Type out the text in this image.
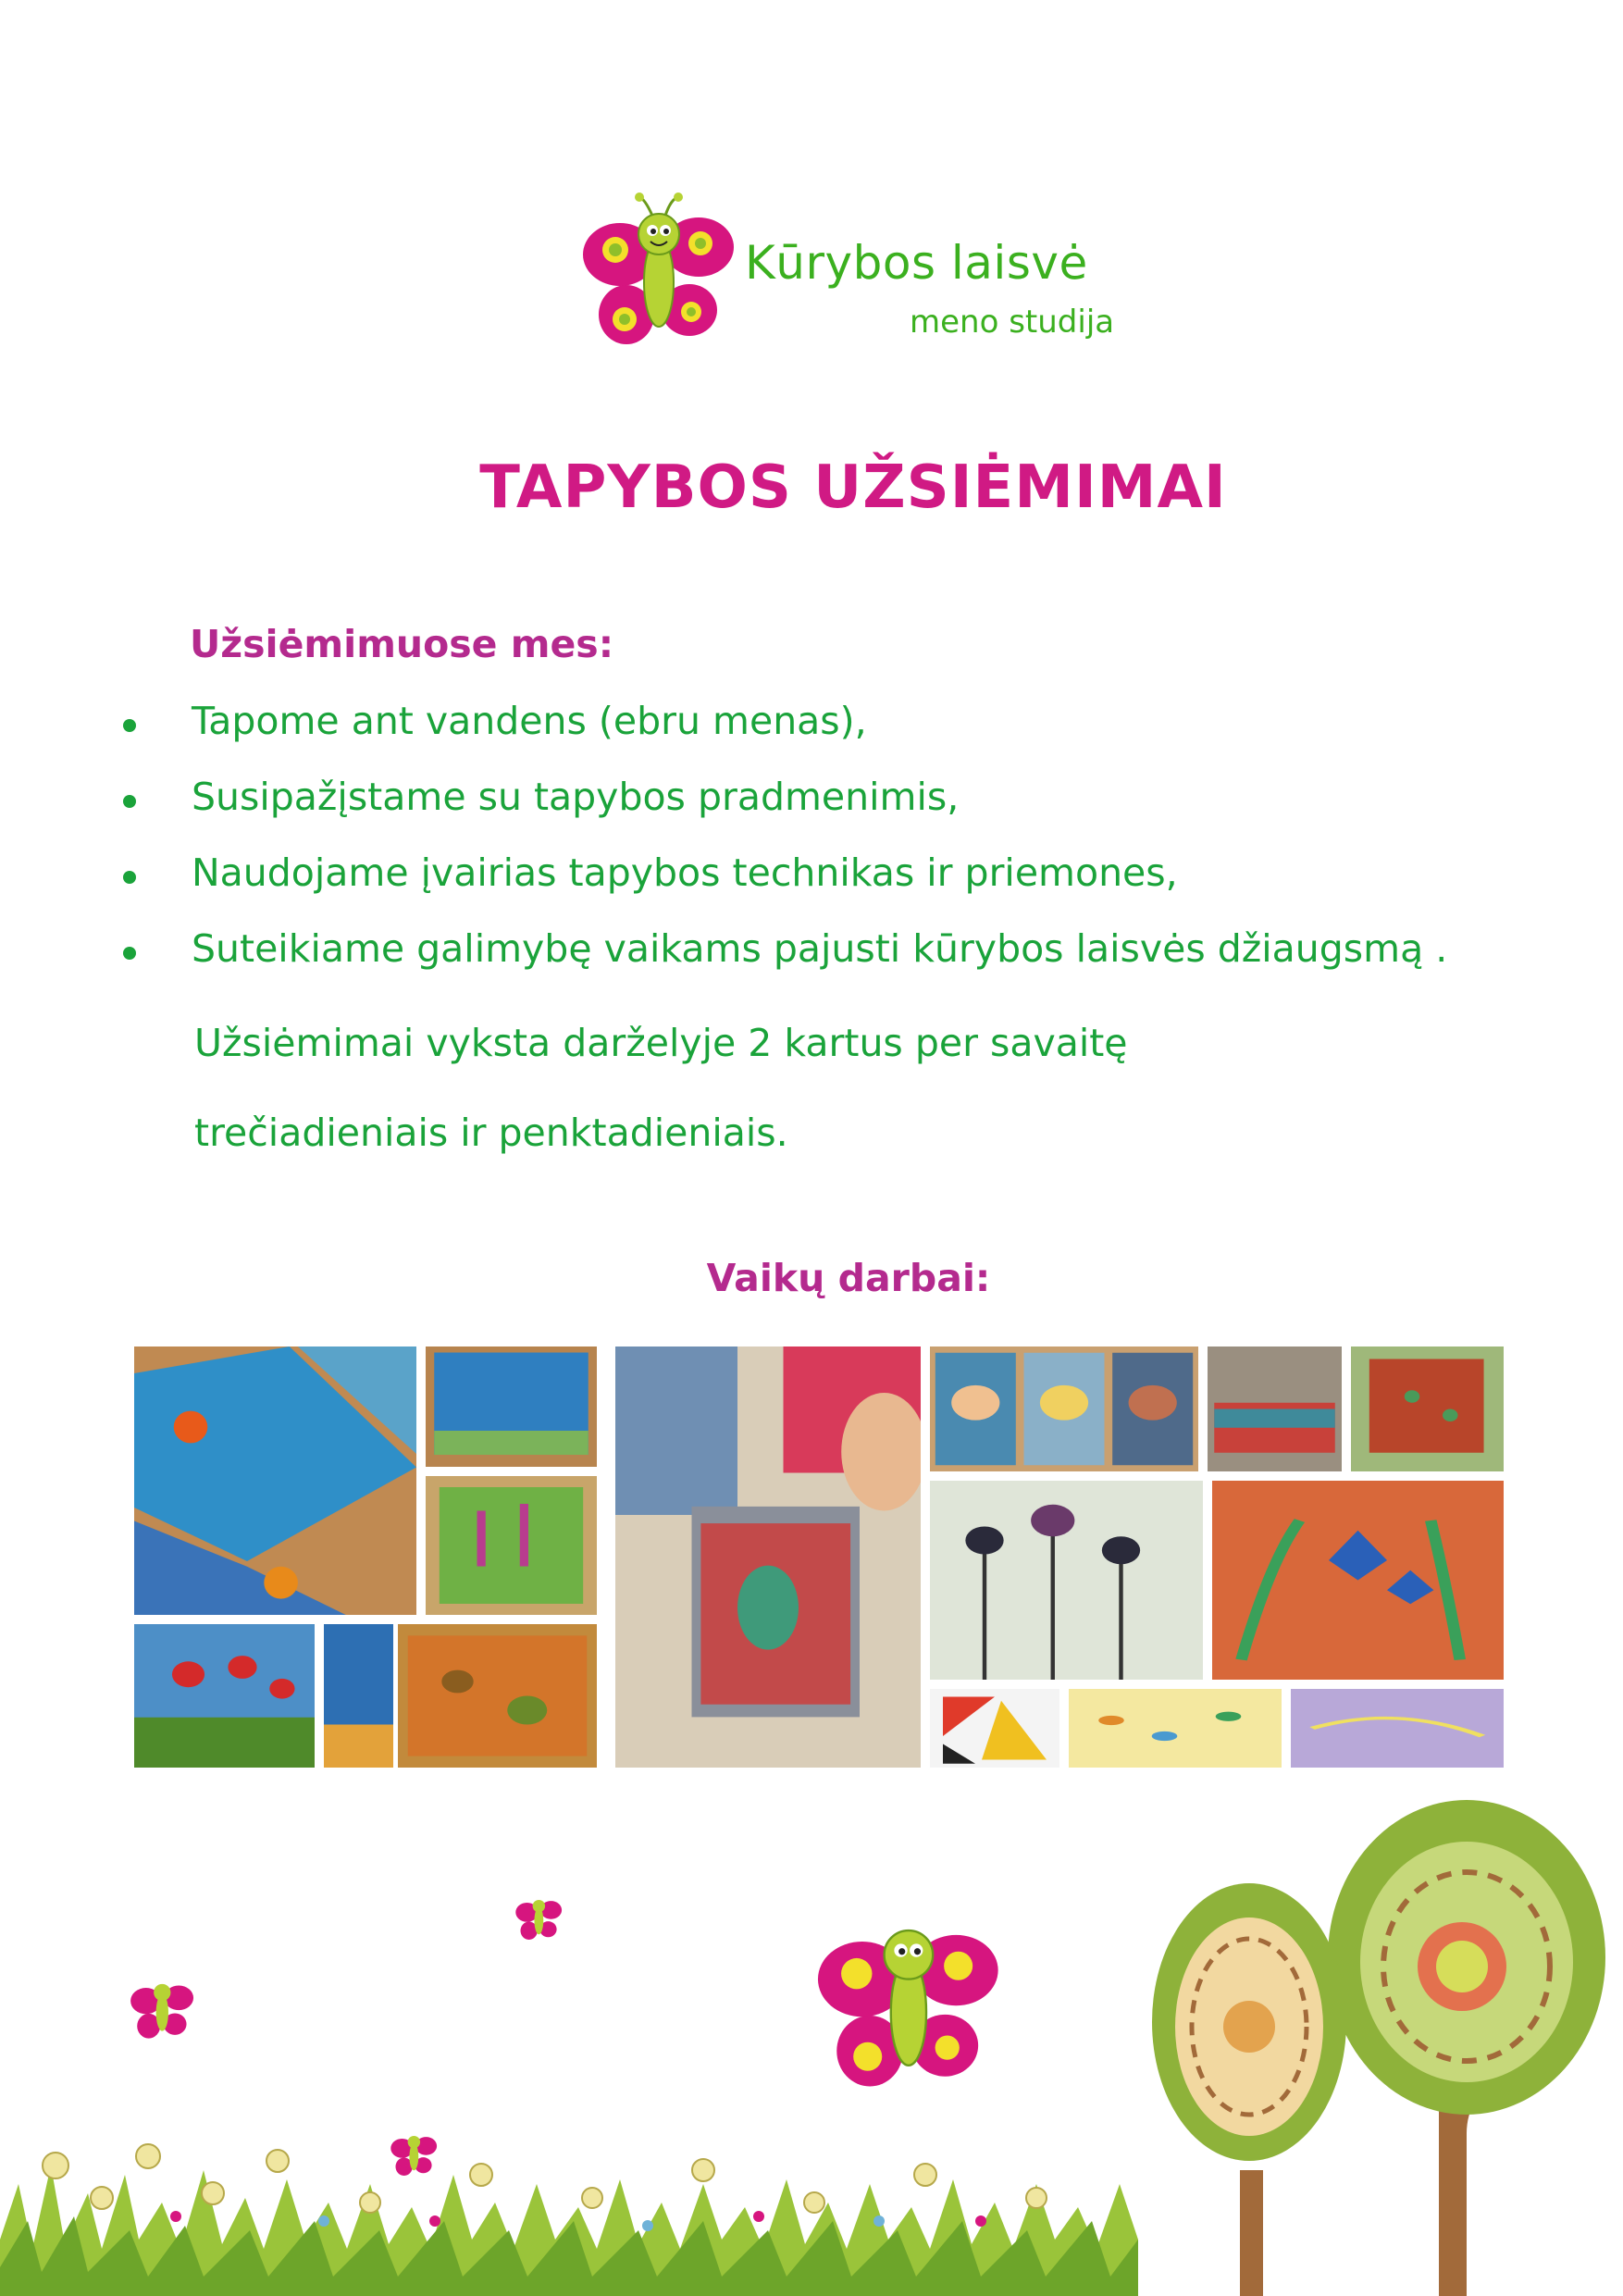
Kūrybos laisvė
meno studija
TAPYBOS UŽSIĖMIMAI
Užsiėmimuose mes:
Tapome ant vandens (ebru menas),
Susipažįstame su tapybos pradmenimis,
Naudojame įvairias tapybos technikas ir priemones,
Suteikiame galimybę vaikams pajusti kūrybos laisvės džiaugsmą .
Užsiėmimai vyksta darželyje 2 kartus per savaitę
trečiadieniais ir penktadieniais.
Vaikų darbai:
